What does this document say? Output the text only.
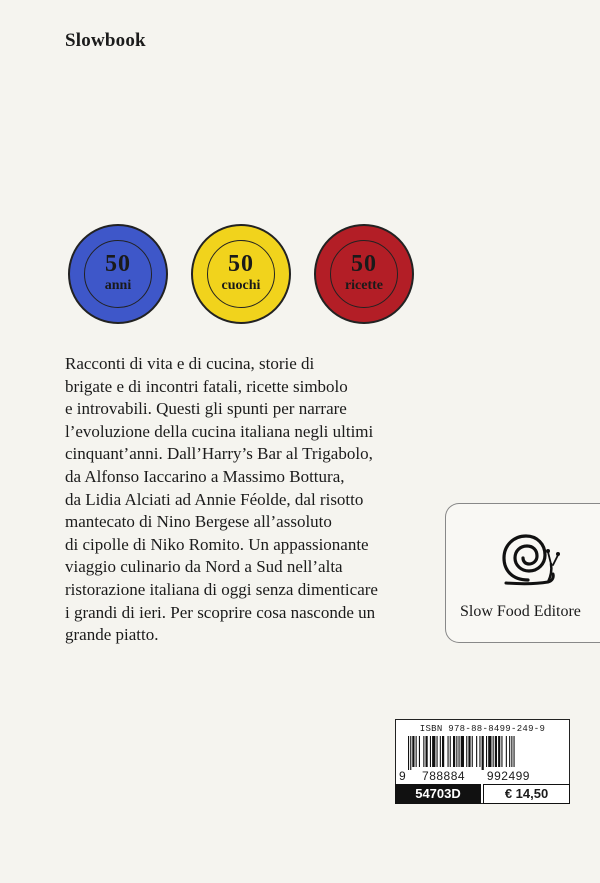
Slowbook
50
anni
50
cuochi
50
ricette

Racconti di vita e di cucina, storie di
brigate e di incontri fatali, ricette simbolo
e introvabili. Questi gli spunti per narrare
l’evoluzione della cucina italiana negli ultimi
cinquant’anni. Dall’Harry’s Bar al Trigabolo,
da Alfonso Iaccarino a Massimo Bottura,
da Lidia Alciati ad Annie Féolde, dal risotto
mantecato di Nino Bergese all’assoluto
di cipolle di Niko Romito. Un appassionante
viaggio culinario da Nord a Sud nell’alta
ristorazione italiana di oggi senza dimenticare
i grandi di ieri. Per scoprire cosa nasconde un
grande piatto.

Slow Food Editore
ISBN 978-88-8499-249-9
9 788884 992499
54703D	€ 14,50
